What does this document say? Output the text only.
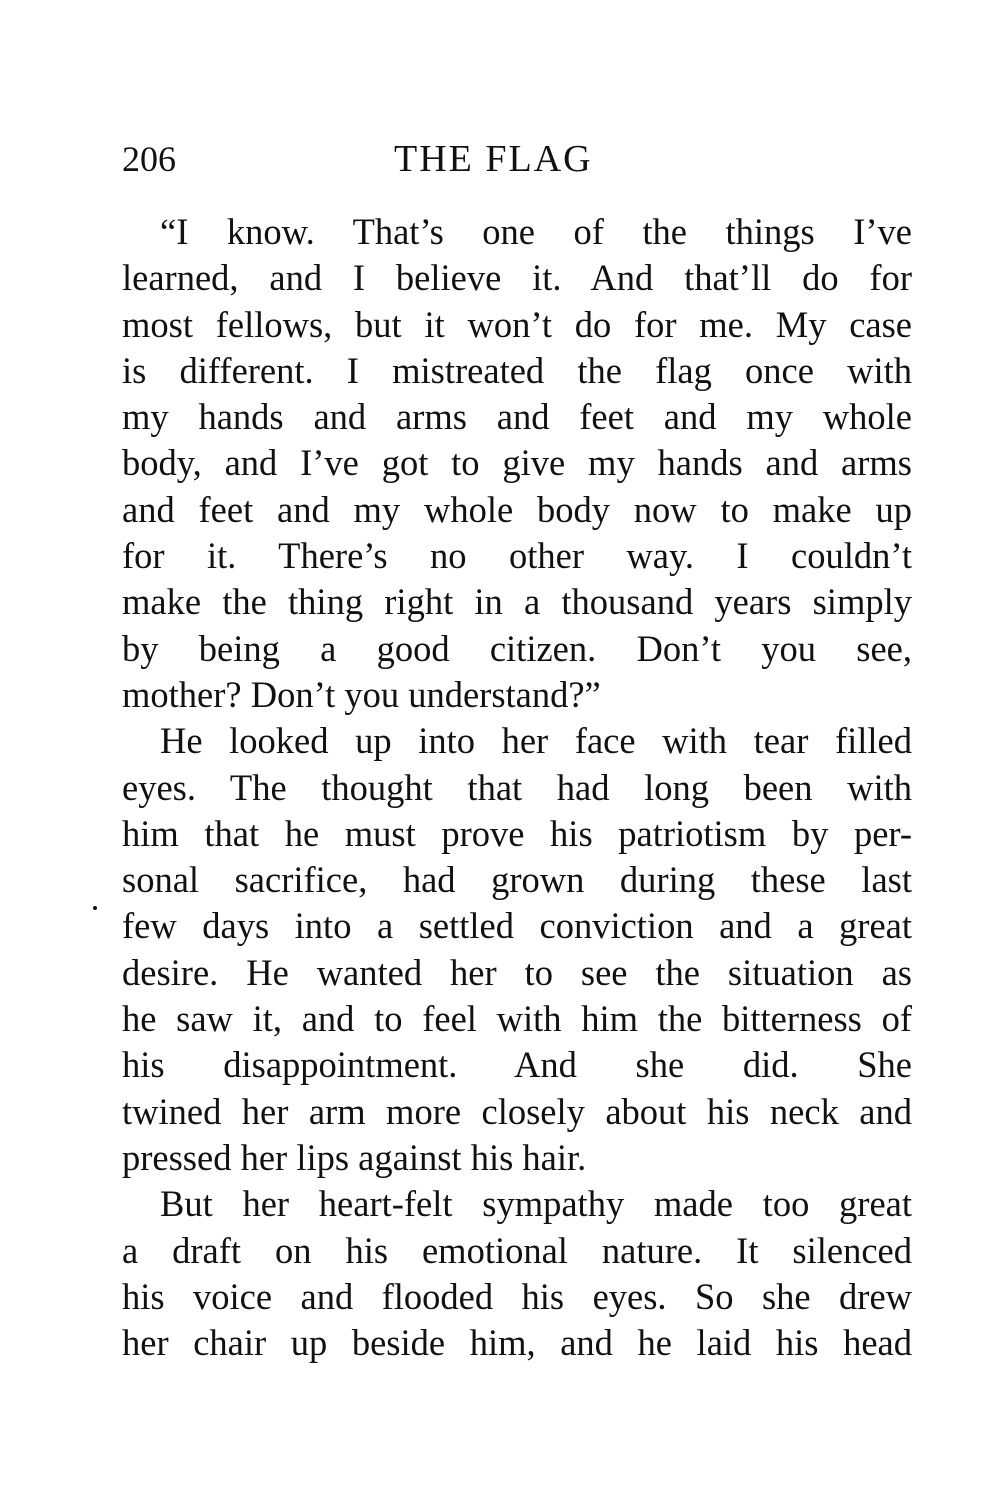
206	THE FLAG
“I know. That’s one of the things I’ve
learned, and I believe it. And that’ll do for
most fellows, but it won’t do for me. My case
is different. I mistreated the flag once with
my hands and arms and feet and my whole
body, and I’ve got to give my hands and arms
and feet and my whole body now to make up
for it. There’s no other way. I couldn’t
make the thing right in a thousand years simply
by being a good citizen. Don’t you see,
mother? Don’t you understand?”
He looked up into her face with tear filled
eyes. The thought that had long been with
him that he must prove his patriotism by per-
sonal sacrifice, had grown during these last
few days into a settled conviction and a great
desire. He wanted her to see the situation as
he saw it, and to feel with him the bitterness of
his disappointment. And she did. She
twined her arm more closely about his neck and
pressed her lips against his hair.
But her heart-felt sympathy made too great
a draft on his emotional nature. It silenced
his voice and flooded his eyes. So she drew
her chair up beside him, and he laid his head
